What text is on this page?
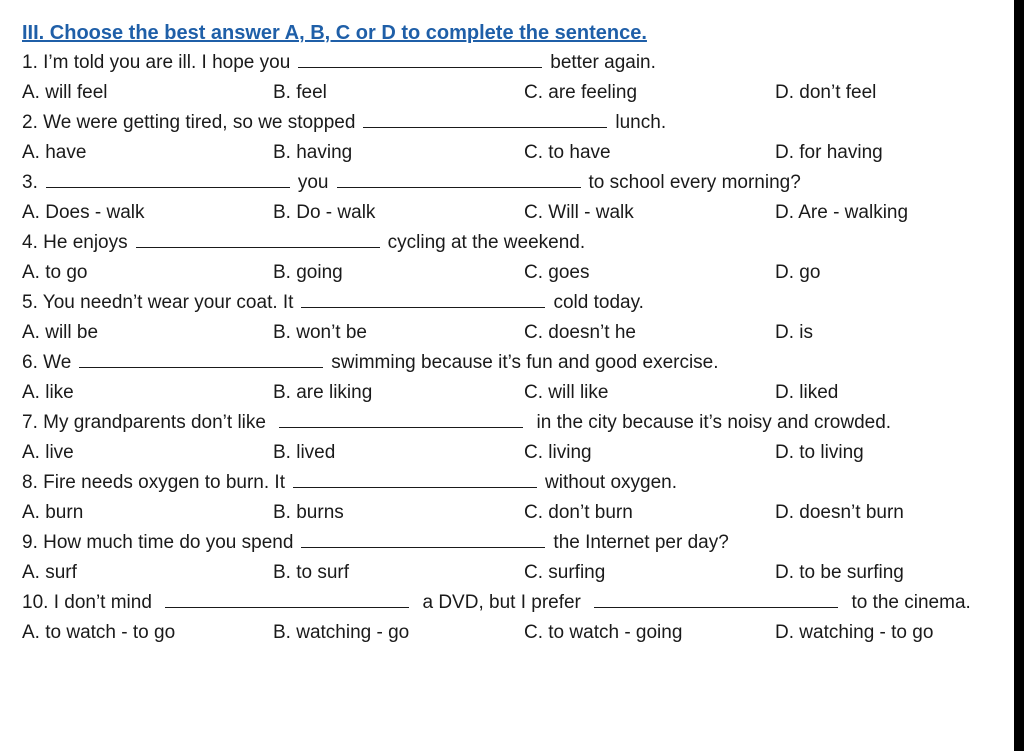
III. Choose the best answer A, B, C or D to complete the sentence.
1. I’m told you are ill. I hope you	better again.
A. will feel	B. feel	C. are feeling	D. don’t feel
2. We were getting tired, so we stopped	lunch.
A. have	B. having	C. to have	D. for having
3.	you	to school every morning?
A. Does - walk	B. Do - walk	C. Will - walk	D. Are - walking
4. He enjoys	cycling at the weekend.
A. to go	B. going	C. goes	D. go
5. You needn’t wear your coat. It	cold today.
A. will be	B. won’t be	C. doesn’t he	D. is
6. We	swimming because it’s fun and good exercise.
A. like	B. are liking	C. will like	D. liked
7. My grandparents don’t like	in the city because it’s noisy and crowded.
A. live	B. lived	C. living	D. to living
8. Fire needs oxygen to burn. It	without oxygen.
A. burn	B. burns	C. don’t burn	D. doesn’t burn
9. How much time do you spend	the Internet per day?
A. surf	B. to surf	C. surfing	D. to be surfing
10. I don’t mind	a DVD, but I prefer	to the cinema.
A. to watch - to go	B. watching - go	C. to watch - going	D. watching - to go
